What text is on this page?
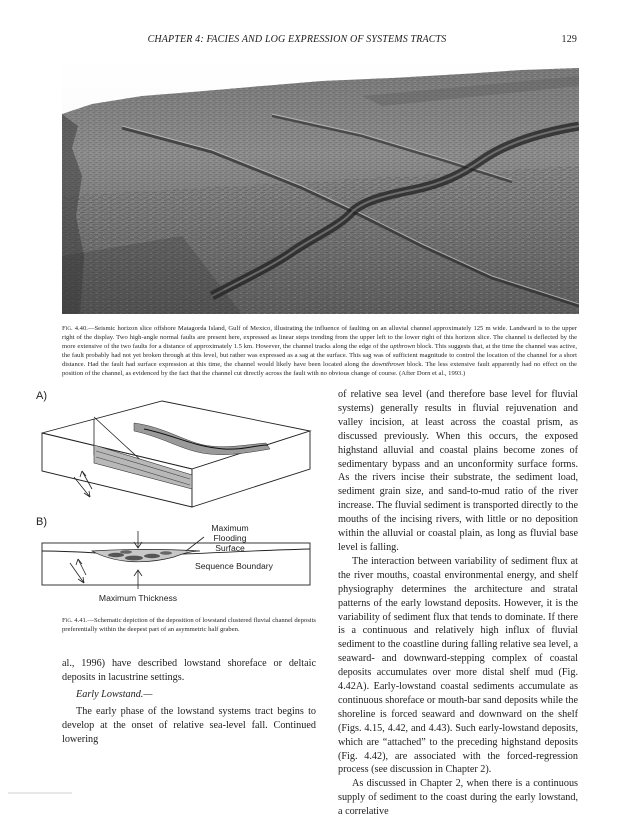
CHAPTER 4: FACIES AND LOG EXPRESSION OF SYSTEMS TRACTS	129
Fig. 4.40.—Seismic horizon slice offshore Matagorda Island, Gulf of Mexico, illustrating the influence of faulting on an alluvial channel approximately 125 m wide. Landward is to the upper right of the display. Two high-angle normal faults are present here, expressed as linear steps trending from the upper left to the lower right of this horizon slice. The channel is deflected by the more extensive of the two faults for a distance of approximately 1.5 km. However, the channel tracks along the edge of the upthrown block. This suggests that, at the time the channel was active, the fault probably had not yet broken through at this level, but rather was expressed as a sag at the surface. This sag was of sufficient magnitude to control the location of the channel for a short distance. Had the fault had surface expression at this time, the channel would likely have been located along the downthrown block. The less extensive fault apparently had no effect on the position of the channel, as evidenced by the fact that the channel cut directly across the fault with no obvious change of course. (After Dorn et al., 1993.)
A)
B)	Maximum
Flooding
Surface
Sequence Boundary
Maximum Thickness
Fig. 4.41.—Schematic depiction of the deposition of lowstand clustered fluvial channel deposits preferentially within the deepest part of an asymmetric half graben.

al., 1996) have described lowstand shoreface or deltaic deposits in lacustrine settings.

Early Lowstand.—

The early phase of the lowstand systems tract begins to develop at the onset of relative sea-level fall. Continued lowering

of relative sea level (and therefore base level for fluvial systems) generally results in fluvial rejuvenation and valley incision, at least across the coastal prism, as discussed previously. When this occurs, the exposed highstand alluvial and coastal plains become zones of sedimentary bypass and an unconformity surface forms. As the rivers incise their substrate, the sediment load, sediment grain size, and sand-to-mud ratio of the river increase. The fluvial sediment is transported directly to the mouths of the incising rivers, with little or no deposition within the alluvial or coastal plain, as long as fluvial base level is falling.

The interaction between variability of sediment flux at the river mouths, coastal environmental energy, and shelf physiography determines the architecture and stratal patterns of the early lowstand deposits. However, it is the variability of sediment flux that tends to dominate. If there is a continuous and relatively high influx of fluvial sediment to the coastline during falling relative sea level, a seaward- and downward-stepping complex of coastal deposits accumulates over more distal shelf mud (Fig. 4.42A). Early-lowstand coastal sediments accumulate as continuous shoreface or mouth-bar sand deposits while the shoreline is forced seaward and downward on the shelf (Figs. 4.15, 4.42, and 4.43). Such early-lowstand deposits, which are “attached” to the preceding highstand deposits (Fig. 4.42), are associated with the forced-regression process (see discussion in Chapter 2).

As discussed in Chapter 2, when there is a continuous supply of sediment to the coast during the early lowstand, a correlative
